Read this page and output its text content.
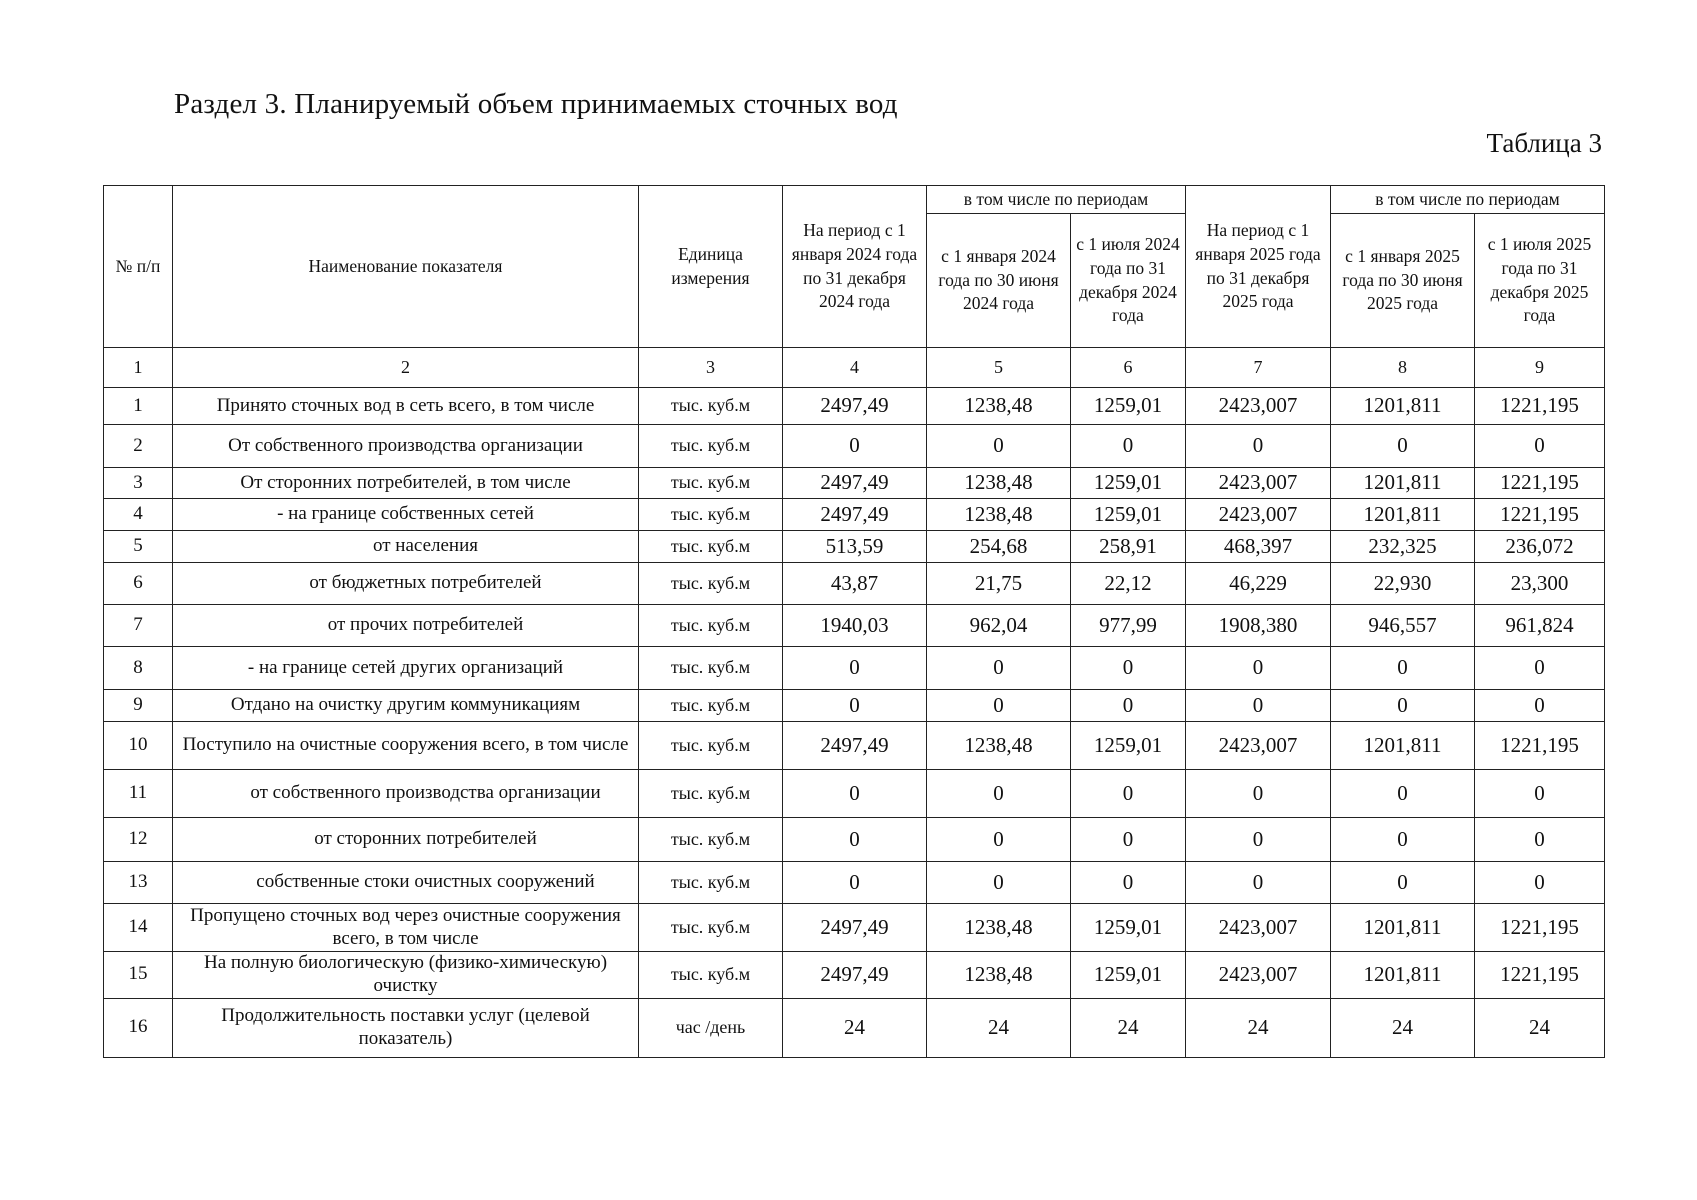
Раздел 3. Планируемый объем принимаемых сточных вод
Таблица 3
№ п/п	Наименование показателя	Единица измерения	На период с 1 января 2024 года по 31 декабря 2024 года	в том числе по периодам		На период с 1 января 2025 года по 31 декабря 2025 года	в том числе по периодам	
				с 1 января 2024 года по 30 июня 2024 года	с 1 июля 2024 года по 31 декабря 2024 года		с 1 января 2025 года по 30 июня 2025 года	с 1 июля 2025 года по 31 декабря 2025 года
1	2	3	4	5	6	7	8	9
1	Принято сточных вод в сеть всего, в том числе	тыс. куб.м	2497,49	1238,48	1259,01	2423,007	1201,811	1221,195
2	От собственного производства организации	тыс. куб.м	0	0	0	0	0	0
3	От сторонних потребителей, в том числе	тыс. куб.м	2497,49	1238,48	1259,01	2423,007	1201,811	1221,195
4	- на границе собственных сетей	тыс. куб.м	2497,49	1238,48	1259,01	2423,007	1201,811	1221,195
5	от населения	тыс. куб.м	513,59	254,68	258,91	468,397	232,325	236,072
6	от бюджетных потребителей	тыс. куб.м	43,87	21,75	22,12	46,229	22,930	23,300
7	от прочих потребителей	тыс. куб.м	1940,03	962,04	977,99	1908,380	946,557	961,824
8	- на границе сетей других организаций	тыс. куб.м	0	0	0	0	0	0
9	Отдано на очистку другим коммуникациям	тыс. куб.м	0	0	0	0	0	0
10	Поступило на очистные сооружения всего, в том числе	тыс. куб.м	2497,49	1238,48	1259,01	2423,007	1201,811	1221,195
11	от собственного производства организации	тыс. куб.м	0	0	0	0	0	0
12	от сторонних потребителей	тыс. куб.м	0	0	0	0	0	0
13	собственные стоки очистных сооружений	тыс. куб.м	0	0	0	0	0	0
14	Пропущено сточных вод через очистные сооружения всего, в том числе	тыс. куб.м	2497,49	1238,48	1259,01	2423,007	1201,811	1221,195
15	На полную биологическую (физико-химическую) очистку	тыс. куб.м	2497,49	1238,48	1259,01	2423,007	1201,811	1221,195
16	Продолжительность поставки услуг (целевой показатель)	час /день	24	24	24	24	24	24
